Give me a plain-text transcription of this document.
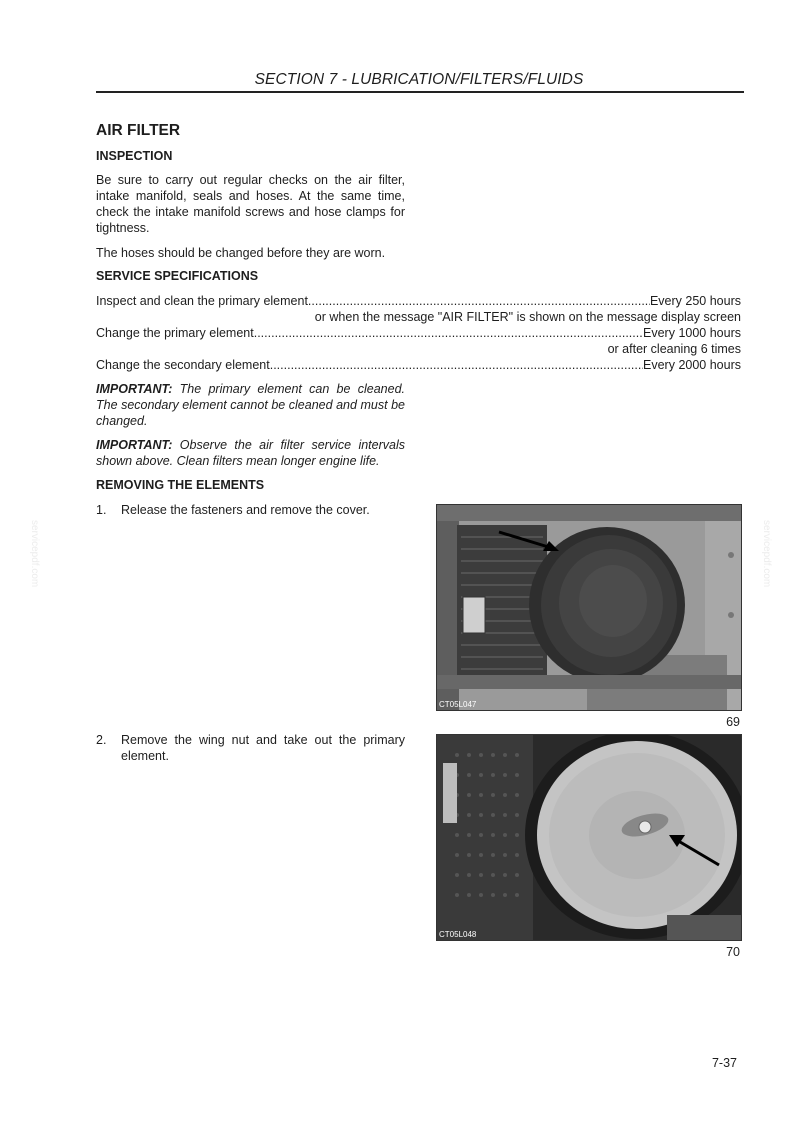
SECTION 7 - LUBRICATION/FILTERS/FLUIDS
AIR FILTER
INSPECTION

Be sure to carry out regular checks on the air filter, intake manifold, seals and hoses. At the same time, check the intake manifold screws and hose clamps for tightness.

The hoses should be changed before they are worn.

SERVICE SPECIFICATIONS
Inspect and clean the primary element .....	Every 250 hours
or when the message "AIR FILTER" is shown on the message display screen
Change the primary element .....	Every 1000 hours
or after cleaning 6 times
Change the secondary element .....	Every 2000 hours

IMPORTANT: The primary element can be cleaned. The secondary element cannot be cleaned and must be changed.

IMPORTANT: Observe the air filter service intervals shown above. Clean filters mean longer engine life.

REMOVING THE ELEMENTS
1. Release the fasteners and remove the cover.
2. Remove the wing nut and take out the primary element.
CT05L047
69
CT05L048
70
servicepdf.com	servicepdf.com
7-37
